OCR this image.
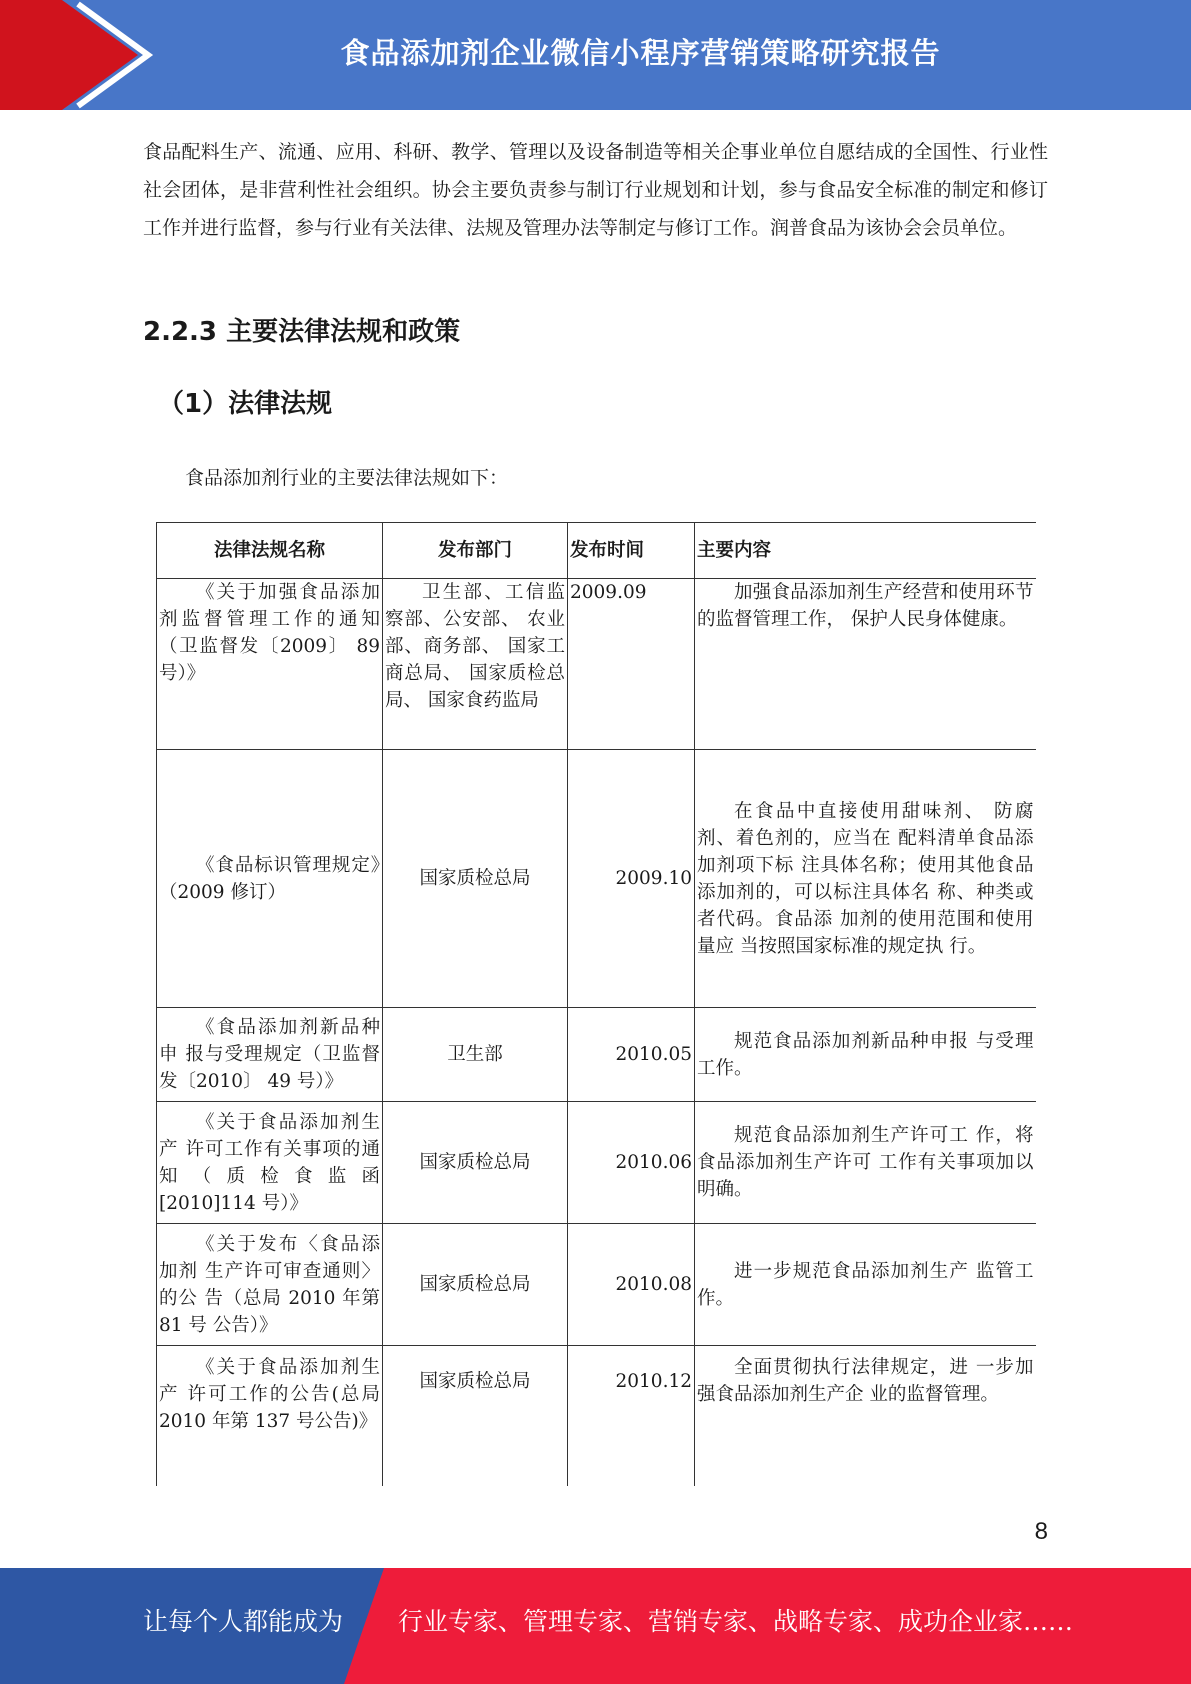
食品添加剂企业微信小程序营销策略研究报告

食品配料生产、流通、应用、科研、教学、管理以及设备制造等相关企事业单位自愿结成的全国性、行业性社会团体，是非营利性社会组织。协会主要负责参与制订行业规划和计划，参与食品安全标准的制定和修订工作并进行监督，参与行业有关法律、法规及管理办法等制定与修订工作。润普食品为该协会会员单位。

2.2.3 主要法律法规和政策
（1）法律法规

食品添加剂行业的主要法律法规如下：

法律法规名称	发布部门	发布时间	主要内容
《关于加强食品添加剂监督管理工作的通知（卫监督发〔2009〕 89 号）》	卫生部、工信监察部、公安部、 农业部、商务部、 国家工商总局、 国家质检总局、 国家食药监局	2009.09	加强食品添加剂生产经营和使用环节的监督管理工作， 保护人民身体健康。
《食品标识管理规定》（2009 修订）	国家质检总局	2009.10	在食品中直接使用甜味剂、 防腐剂、着色剂的，应当在 配料清单食品添加剂项下标 注具体名称；使用其他食品 添加剂的，可以标注具体名 称、种类或者代码。食品添 加剂的使用范围和使用量应 当按照国家标准的规定执 行。
《食品添加剂新品种申 报与受理规定（卫监督发〔2010〕 49 号）》	卫生部	2010.05	规范食品添加剂新品种申报 与受理工作。
《关于食品添加剂生产 许可工作有关事项的通 知（质检食监函[2010]114 号）》	国家质检总局	2010.06	规范食品添加剂生产许可工 作，将食品添加剂生产许可 工作有关事项加以明确。
《关于发布〈食品添加剂 生产许可审查通则〉的公 告（总局 2010 年第 81 号 公告）》	国家质检总局	2010.08	进一步规范食品添加剂生产 监管工作。
《关于食品添加剂生产 许可工作的公告(总局 2010 年第 137 号公告)》	国家质检总局	2010.12	全面贯彻执行法律规定，进 一步加强食品添加剂生产企 业的监督管理。
8
让每个人都能成为 行业专家、管理专家、营销专家、战略专家、成功企业家……
